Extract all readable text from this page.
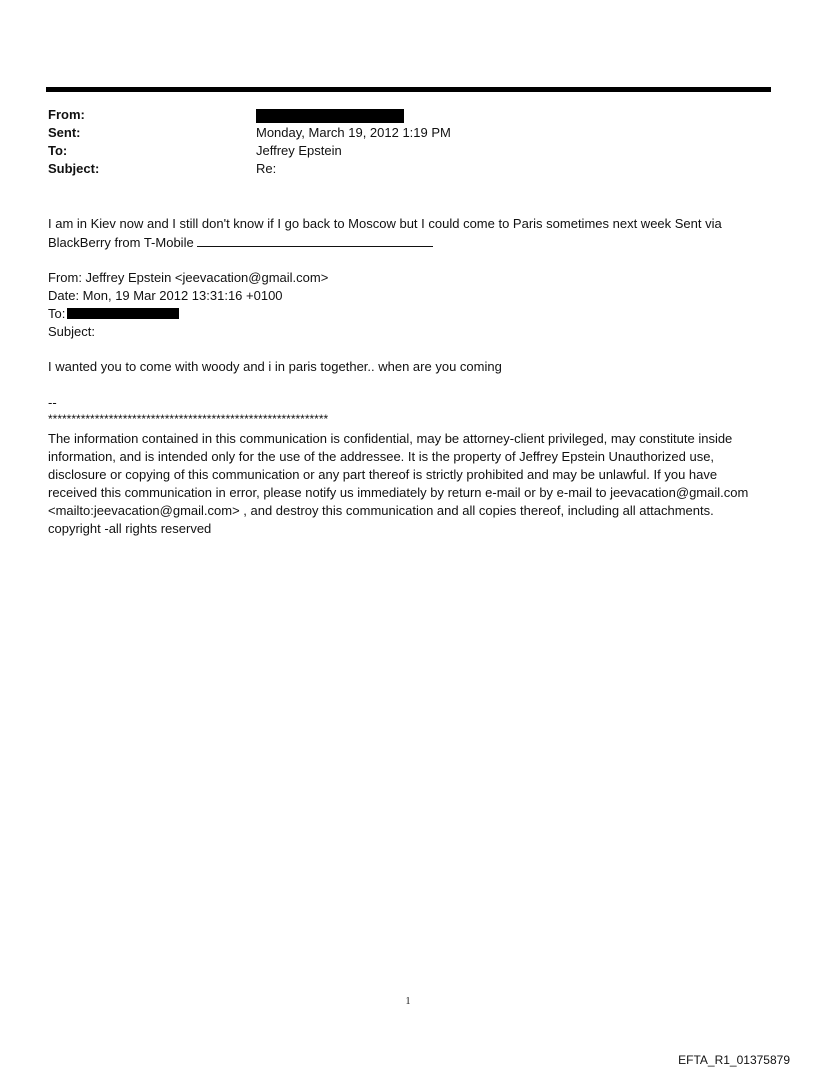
From:
Sent:	Monday, March 19, 2012 1:19 PM
To:	Jeffrey Epstein
Subject:	Re:
I am in Kiev now and I still don't know if I go back to Moscow but I could come to Paris sometimes next week Sent via BlackBerry from T-Mobile
From: Jeffrey Epstein <jeevacation@gmail.com>
Date: Mon, 19 Mar 2012 13:31:16 +0100
To:
Subject:
I wanted you to come with woody and i in paris together.. when are you coming
--
************************************************************
The information contained in this communication is confidential, may be attorney-client privileged, may constitute inside information, and is intended only for the use of the addressee. It is the property of Jeffrey Epstein Unauthorized use, disclosure or copying of this communication or any part thereof is strictly prohibited and may be unlawful. If you have received this communication in error, please notify us immediately by return e-mail or by e-mail to jeevacation@gmail.com <mailto:jeevacation@gmail.com> , and destroy this communication and all copies thereof, including all attachments. copyright -all rights reserved
1
EFTA_R1_01375879
